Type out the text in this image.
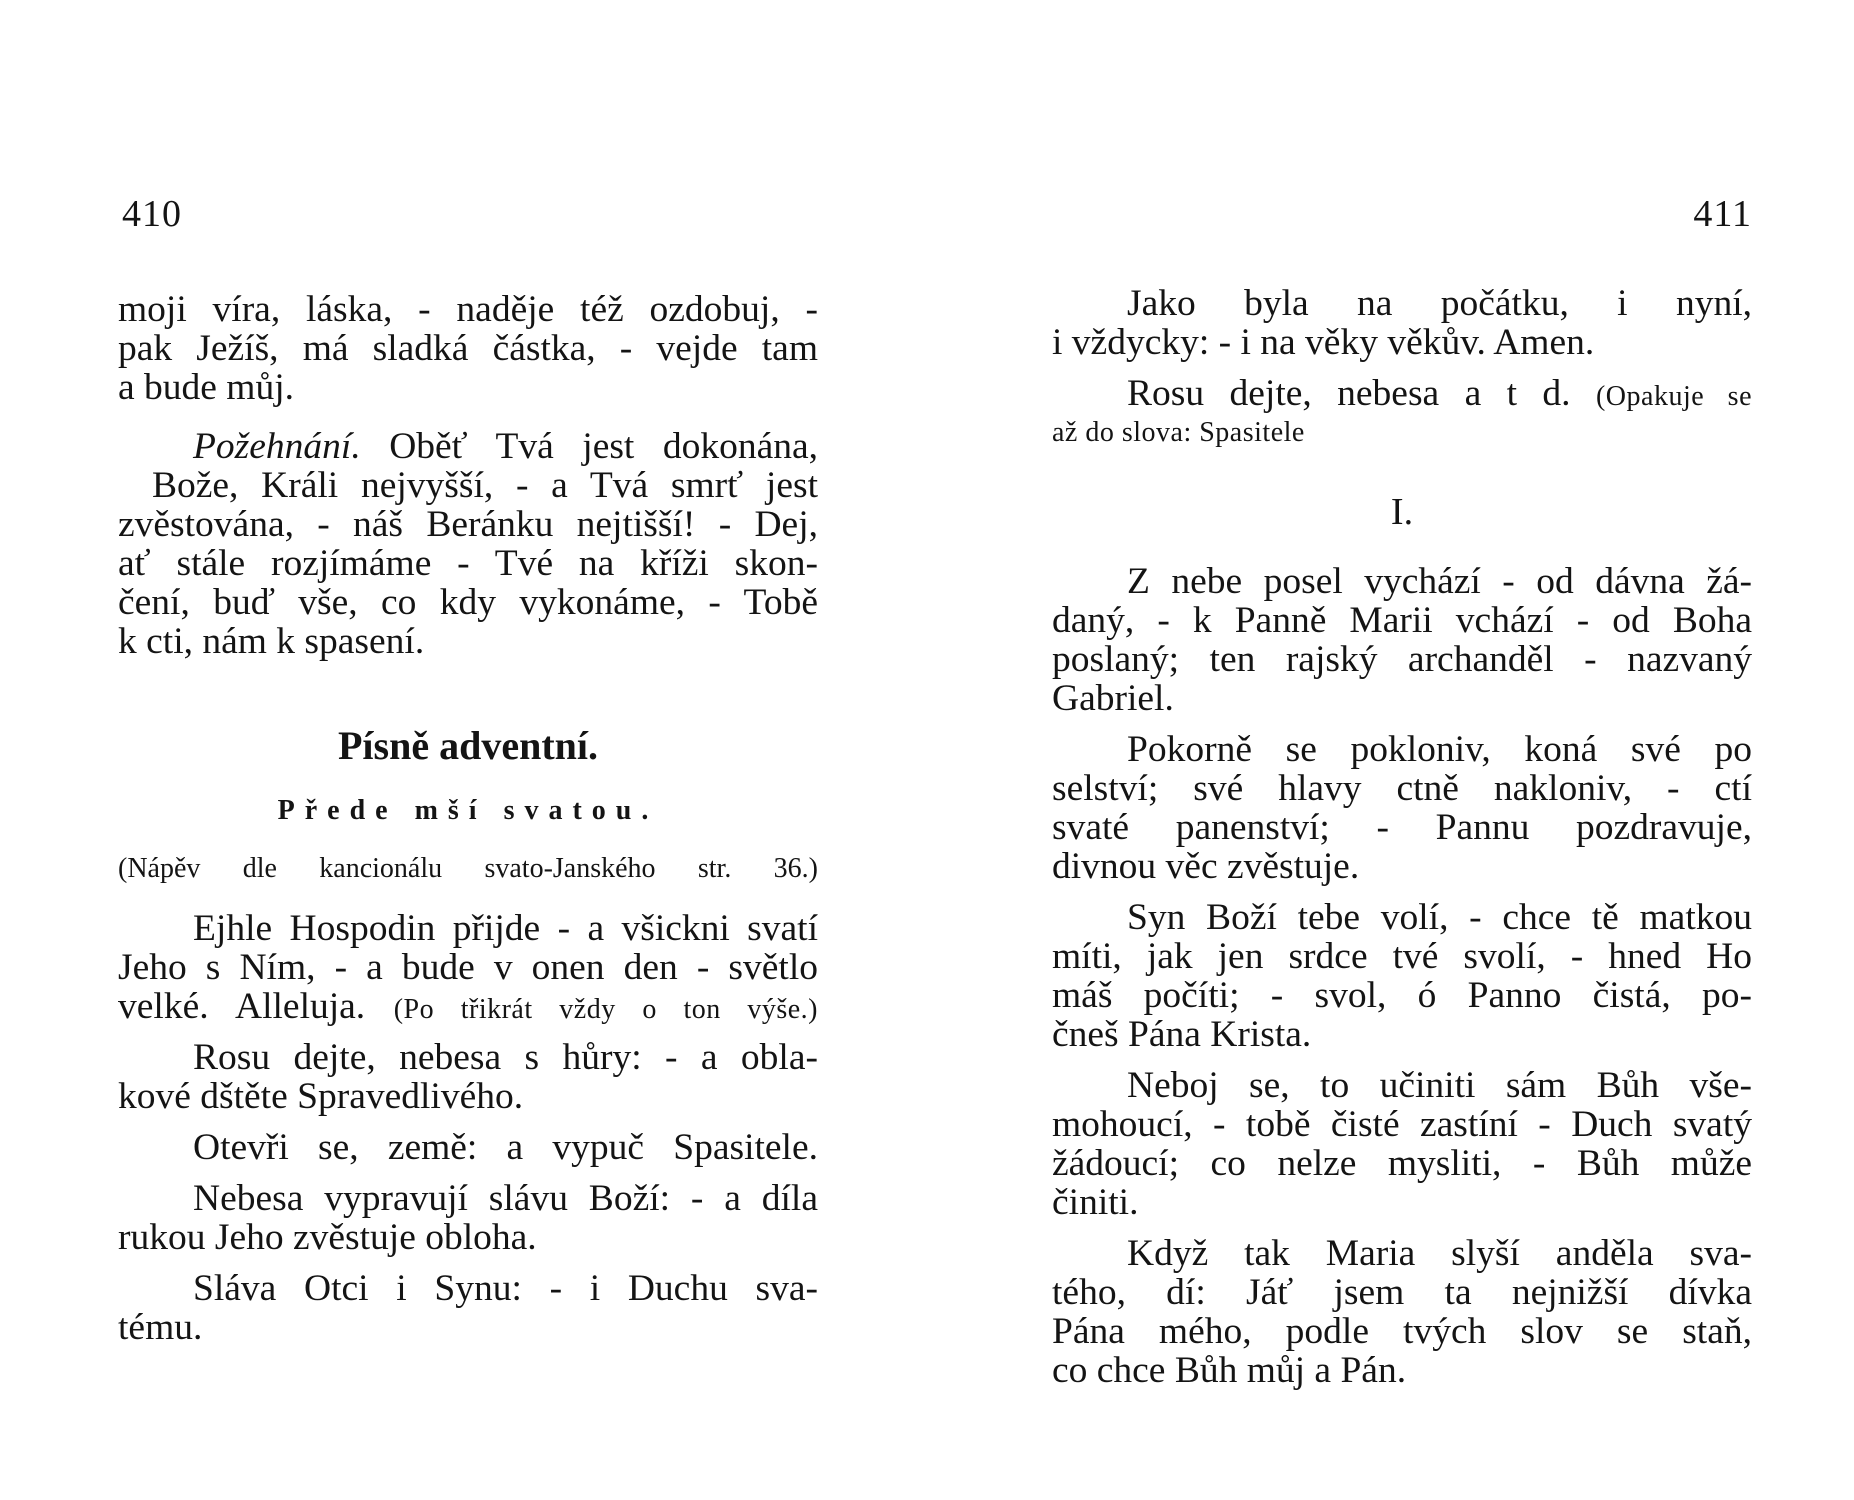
410
moji víra, láska, - naděje též ozdobuj, -
pak Ježíš, má sladká částka, - vejde tam
a bude můj.
Požehnání. Oběť Tvá jest dokonána,
Bože, Králi nejvyšší, - a Tvá smrť jest
zvěstována, - náš Beránku nejtišší! - Dej,
ať stále rozjímáme - Tvé na kříži skon-
čení, buď vše, co kdy vykonáme, - Tobě
k cti, nám k spasení.
Písně adventní.
Přede mší svatou.
(Nápěv dle kancionálu svato-Janského str. 36.)
Ejhle Hospodin přijde - a všickni svatí
Jeho s Ním, - a bude v onen den - světlo
velké. Alleluja. (Po třikrát vždy o ton výše.)
Rosu dejte, nebesa s hůry: - a obla-
kové dštěte Spravedlivého.
Otevři se, země: a vypuč Spasitele.
Nebesa vypravují slávu Boží: - a díla
rukou Jeho zvěstuje obloha.
Sláva Otci i Synu: - i Duchu sva-
tému.
411
Jako byla na počátku, i nyní,
i vždycky: - i na věky věkův. Amen.
Rosu dejte, nebesa a t d. (Opakuje se
až do slova: Spasitele
I.
Z nebe posel vychází - od dávna žá-
daný, - k Panně Marii vchází - od Boha
poslaný; ten rajský archanděl - nazvaný
Gabriel.
Pokorně se pokloniv, koná své po
selství; své hlavy ctně nakloniv, - ctí
svaté panenství; - Pannu pozdravuje,
divnou věc zvěstuje.
Syn Boží tebe volí, - chce tě matkou
míti, jak jen srdce tvé svolí, - hned Ho
máš počíti; - svol, ó Panno čistá, po-
čneš Pána Krista.
Neboj se, to učiniti sám Bůh vše-
mohoucí, - tobě čisté zastíní - Duch svatý
žádoucí; co nelze mysliti, - Bůh může
činiti.
Když tak Maria slyší anděla sva-
tého, dí: Jáť jsem ta nejnižší dívka
Pána mého, podle tvých slov se staň,
co chce Bůh můj a Pán.
